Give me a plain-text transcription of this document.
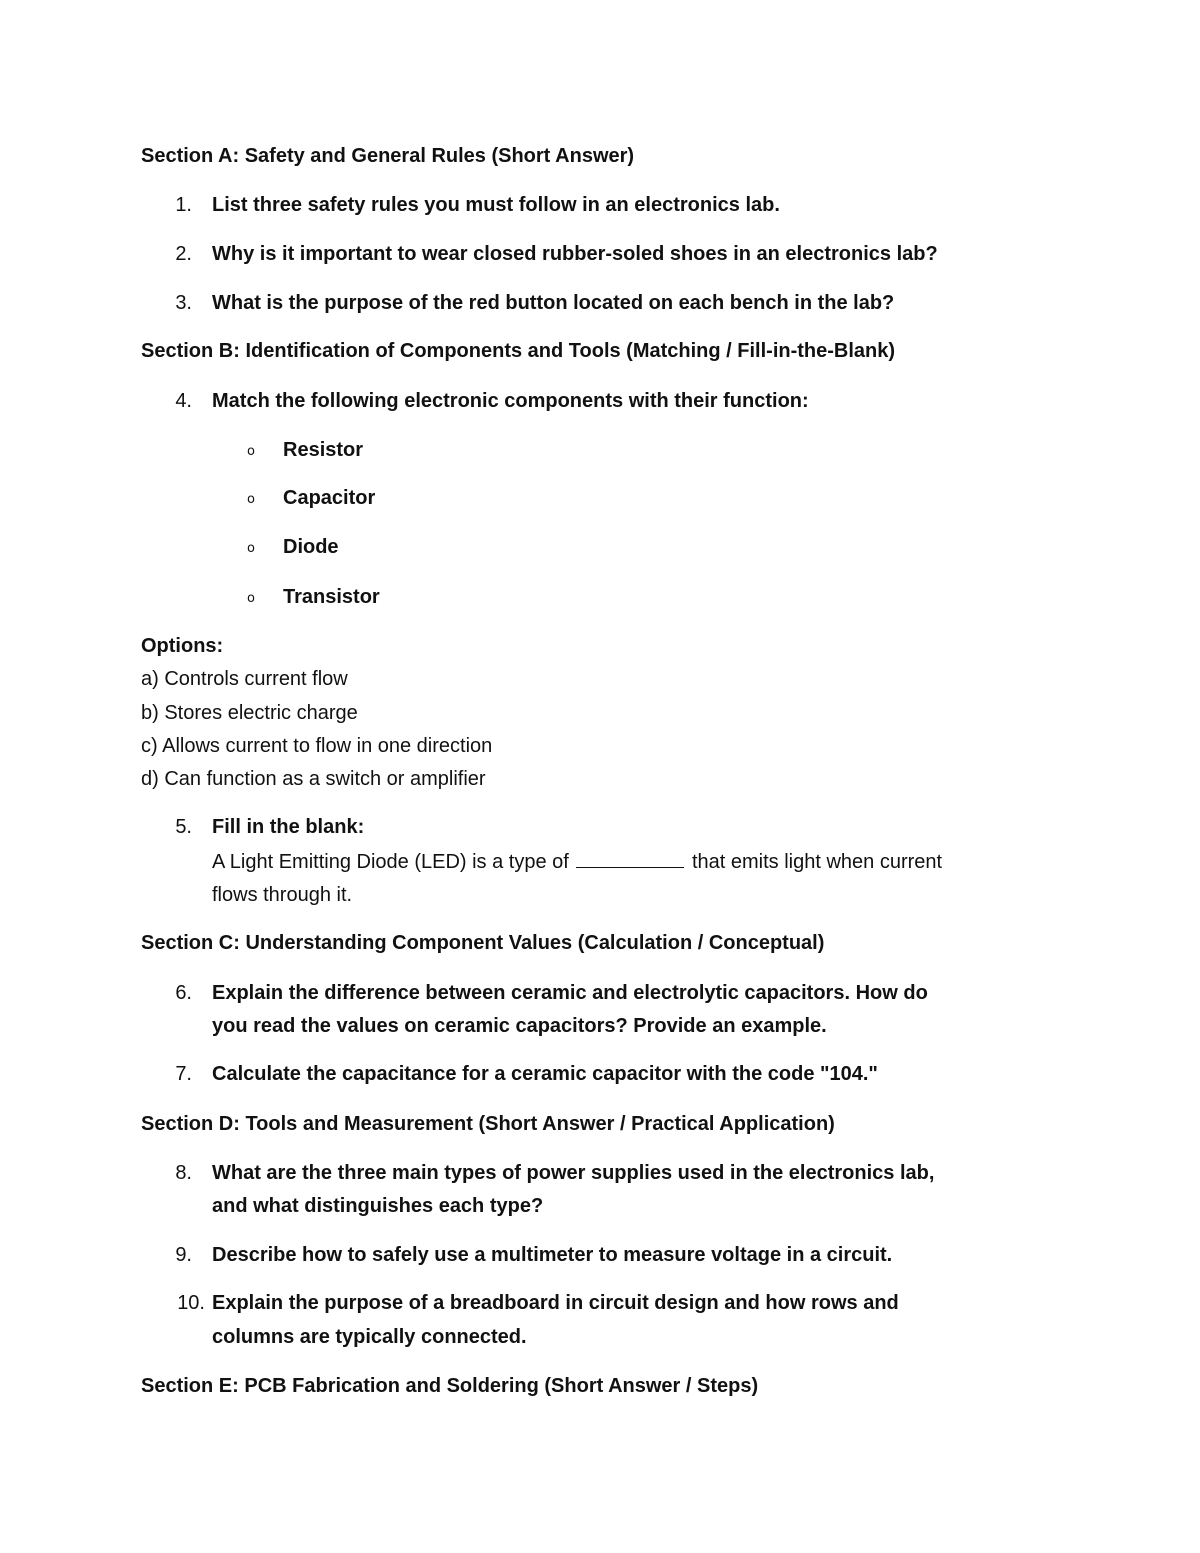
Section A: Safety and General Rules (Short Answer)
1. List three safety rules you must follow in an electronics lab.
2. Why is it important to wear closed rubber-soled shoes in an electronics lab?
3. What is the purpose of the red button located on each bench in the lab?
Section B: Identification of Components and Tools (Matching / Fill-in-the-Blank)
4. Match the following electronic components with their function:
o Resistor
o Capacitor
o Diode
o Transistor
Options:
a) Controls current flow
b) Stores electric charge
c) Allows current to flow in one direction
d) Can function as a switch or amplifier
5. Fill in the blank:
A Light Emitting Diode (LED) is a type of	that emits light when current
flows through it.
Section C: Understanding Component Values (Calculation / Conceptual)
6. Explain the difference between ceramic and electrolytic capacitors. How do
you read the values on ceramic capacitors? Provide an example.
7. Calculate the capacitance for a ceramic capacitor with the code "104."
Section D: Tools and Measurement (Short Answer / Practical Application)
8. What are the three main types of power supplies used in the electronics lab,
and what distinguishes each type?
9. Describe how to safely use a multimeter to measure voltage in a circuit.
10. Explain the purpose of a breadboard in circuit design and how rows and
columns are typically connected.
Section E: PCB Fabrication and Soldering (Short Answer / Steps)
